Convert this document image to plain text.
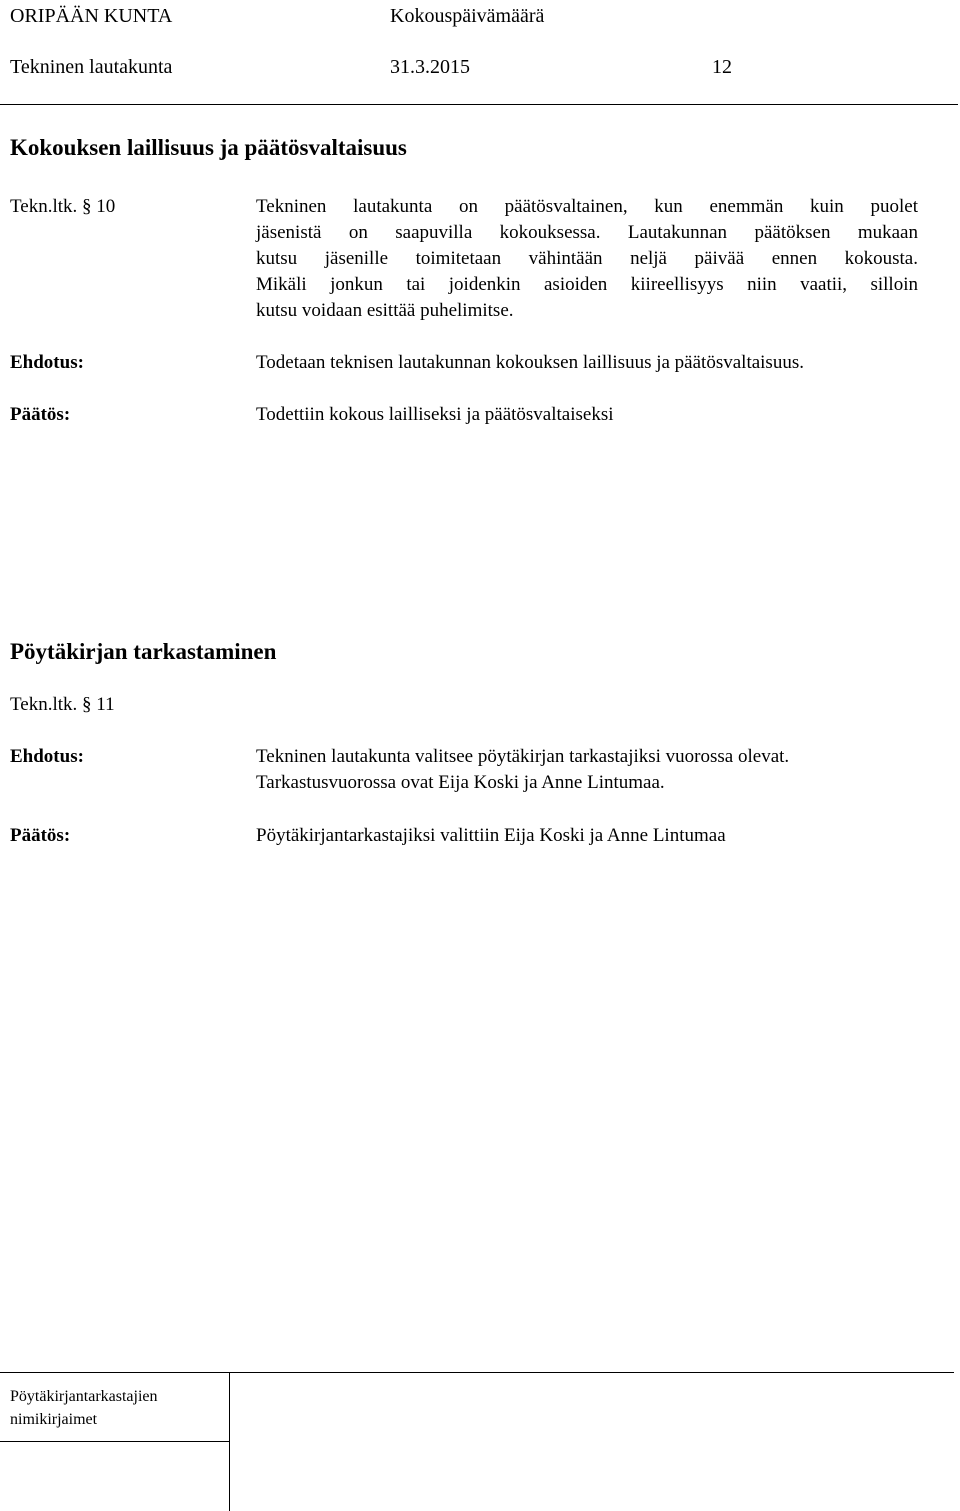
ORIPÄÄN KUNTA	Kokouspäivämäärä
Tekninen lautakunta	31.3.2015	12
Kokouksen laillisuus ja päätösvaltaisuus
Tekn.ltk. § 10	Tekninen lautakunta on päätösvaltainen, kun enemmän kuin puolet
jäsenistä on saapuvilla kokouksessa. Lautakunnan päätöksen mukaan
kutsu jäsenille toimitetaan vähintään neljä päivää ennen kokousta.
Mikäli jonkun tai joidenkin asioiden kiireellisyys niin vaatii, silloin
kutsu voidaan esittää puhelimitse.
Ehdotus:	Todetaan teknisen lautakunnan kokouksen laillisuus ja päätösvaltaisuus.
Päätös:	Todettiin kokous lailliseksi ja päätösvaltaiseksi
Pöytäkirjan tarkastaminen
Tekn.ltk. § 11
Ehdotus:	Tekninen lautakunta valitsee pöytäkirjan tarkastajiksi vuorossa olevat.
Tarkastusvuorossa ovat Eija Koski ja Anne Lintumaa.
Päätös:	Pöytäkirjantarkastajiksi valittiin Eija Koski ja Anne Lintumaa
Pöytäkirjantarkastajien
nimikirjaimet
